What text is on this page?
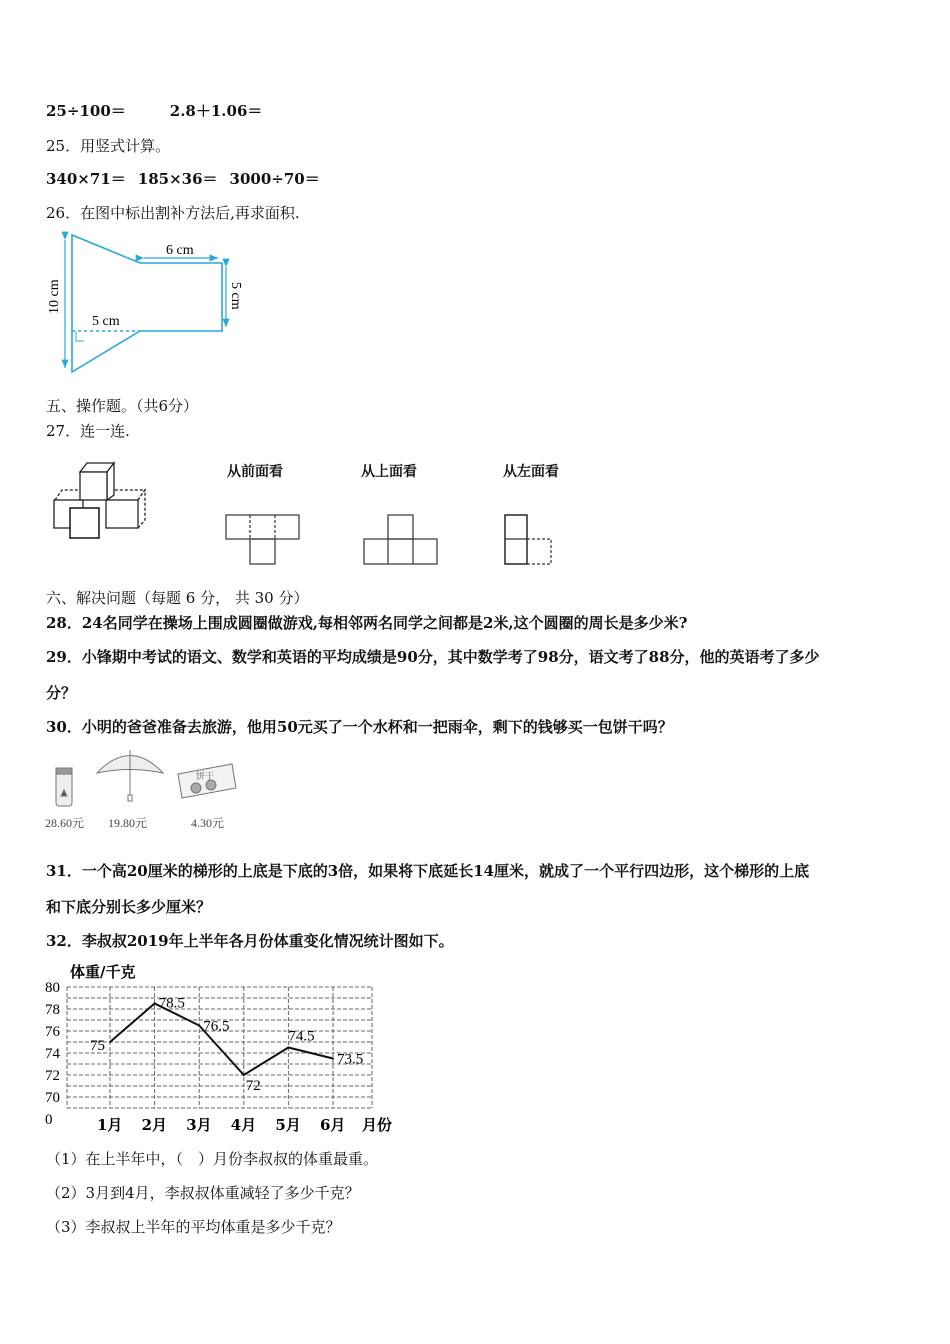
25÷100＝	2.8＋1.06＝
25．用竖式计算。
340×71＝ 185×36＝ 3000÷70＝
26．在图中标出割补方法后,再求面积.
6 cm
5 cm
10 cm	5 cm
五、操作题。（共6分）
27．连一连.
从前面看	从上面看	从左面看
六、解决问题（每题 6 分， 共 30 分）
28．24名同学在操场上围成圆圈做游戏,每相邻两名同学之间都是2米,这个圆圈的周长是多少米?
29．小锋期中考试的语文、数学和英语的平均成绩是90分，其中数学考了98分，语文考了88分，他的英语考了多少
分？
30．小明的爸爸准备去旅游，他用50元买了一个水杯和一把雨伞，剩下的钱够买一包饼干吗？
饼干
28.60元 19.80元	4.30元
31．一个高20厘米的梯形的上底是下底的3倍，如果将下底延长14厘米，就成了一个平行四边形，这个梯形的上底
和下底分别长多少厘米？
32．李叔叔2019年上半年各月份体重变化情况统计图如下。
体重/千克
月份
80
78
76
74
72
70
0	1月 2月 3月 4月 5月 6月
75
78.5
76.5
72
74.5
73.5
（1）在上半年中，（　）月份李叔叔的体重最重。
（2）3月到4月，李叔叔体重减轻了多少千克？
（3）李叔叔上半年的平均体重是多少千克？
